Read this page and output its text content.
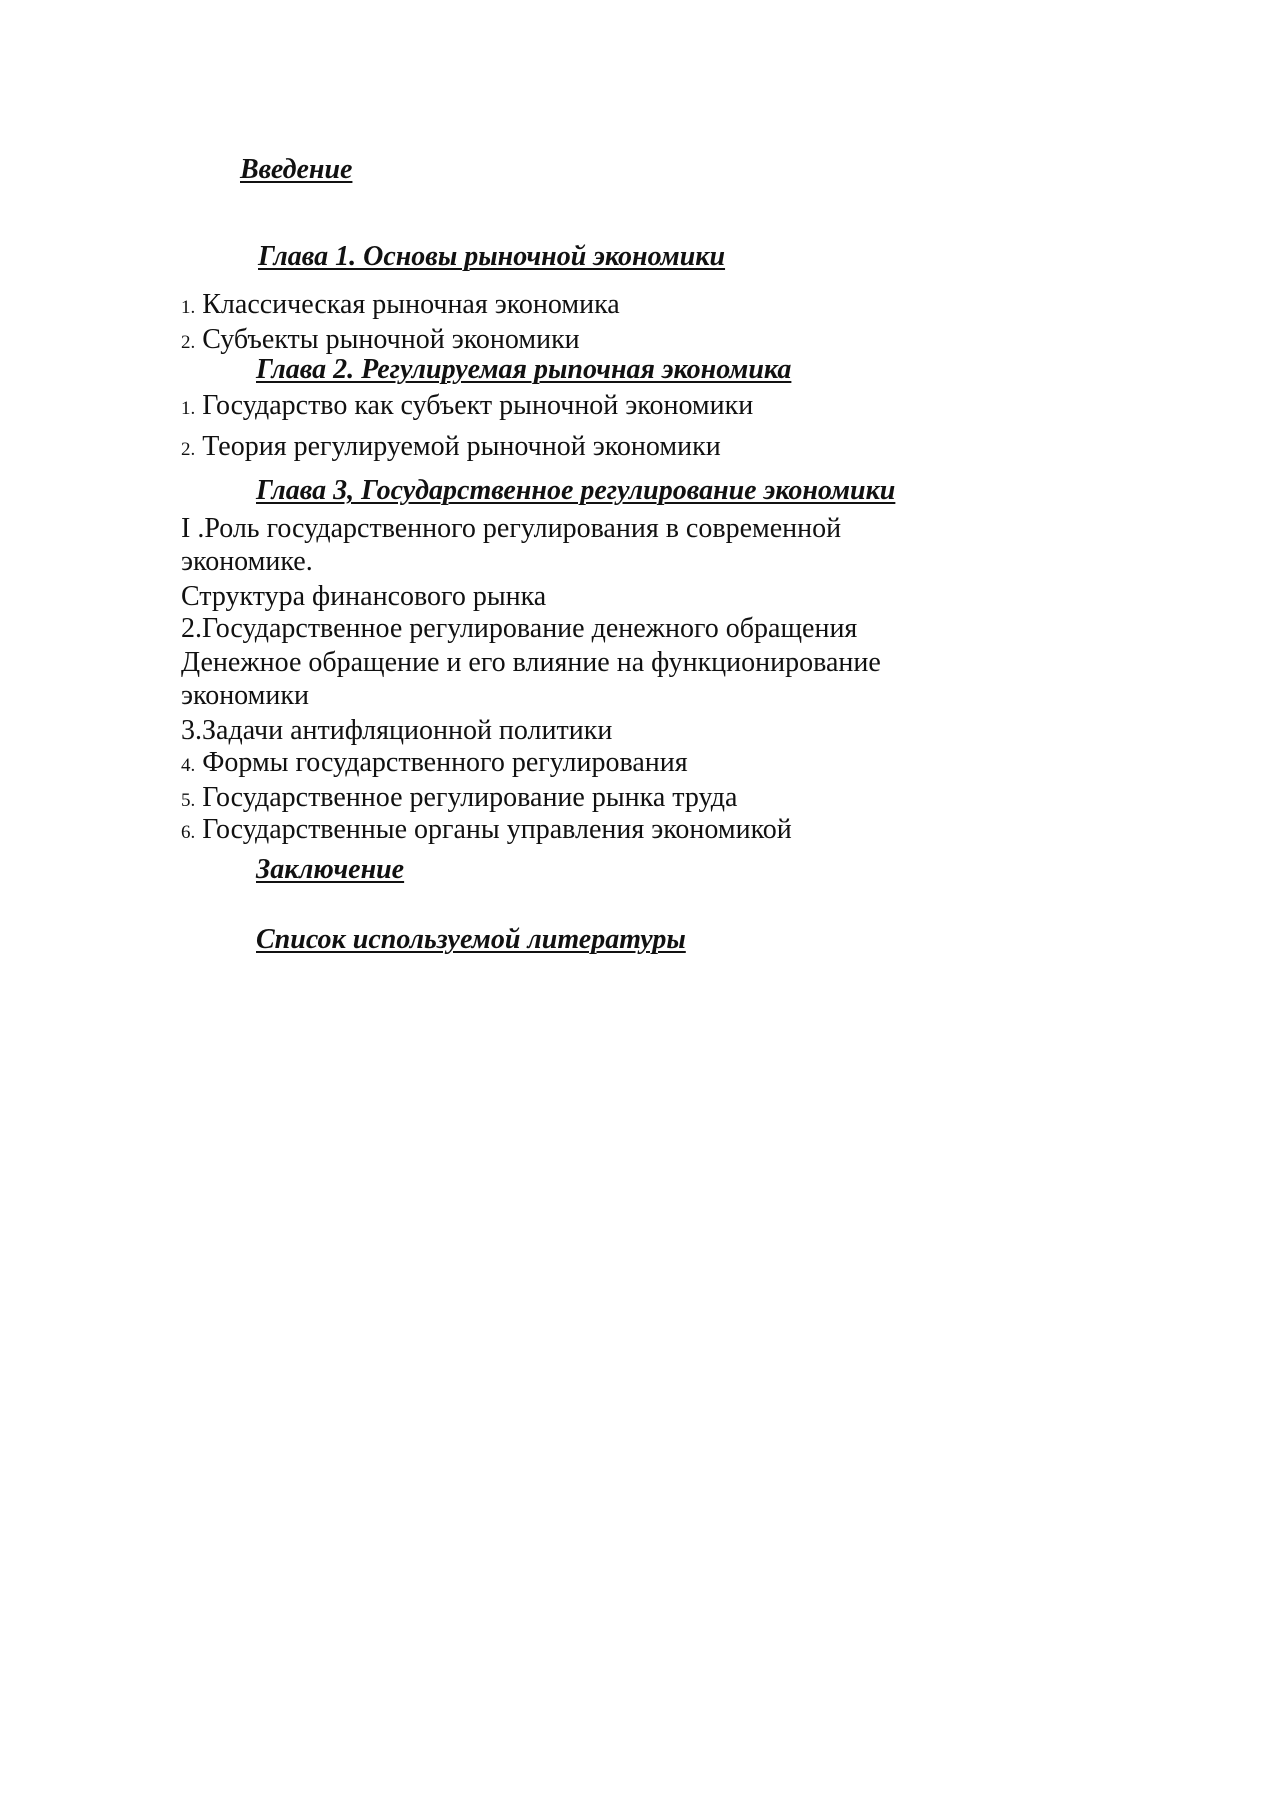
Введение
Глава 1. Основы рыночной экономики
1. Классическая рыночная экономика
2. Субъекты рыночной экономики
Глава 2. Регулируемая рыпочная экономика
1. Государство как субъект рыночной экономики
2. Теория регулируемой рыночной экономики
Глава 3, Государственное регулирование экономики
I .Роль государственного регулирования в современной
экономике.
Структура финансового рынка
2.Государственное регулирование денежного обращения
Денежное обращение и его влияние на функционирование
экономики
3.Задачи антифляционной политики
4. Формы государственного регулирования
5. Государственное регулирование рынка труда
6. Государственные органы управления экономикой
Заключение
Список используемой литературы
